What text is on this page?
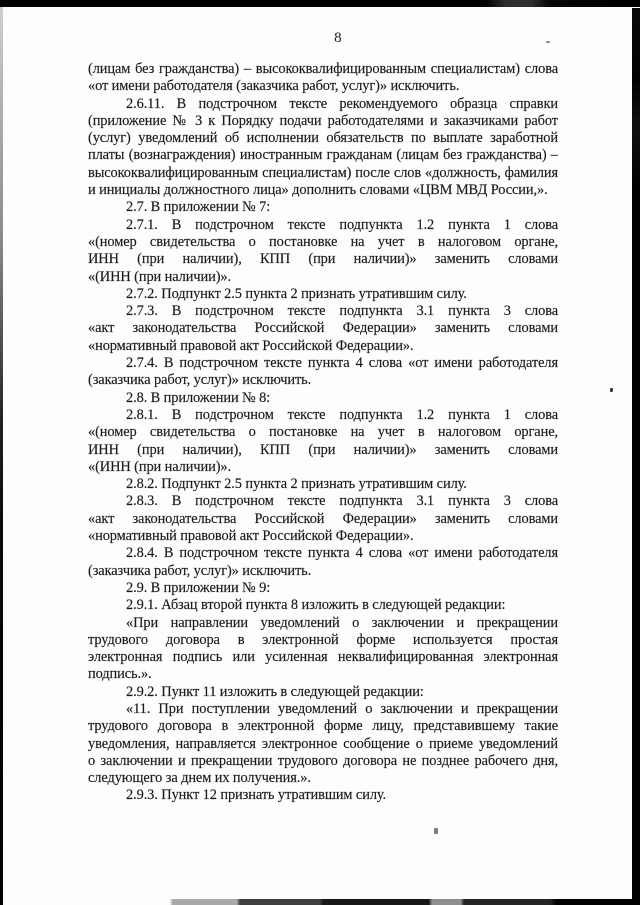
8
(лицам без гражданства) – высококвалифицированным специалистам) слова
«от имени работодателя (заказчика работ, услуг)» исключить.
2.6.11. В подстрочном тексте рекомендуемого образца справки
(приложение № 3 к Порядку подачи работодателями и заказчиками работ
(услуг) уведомлений об исполнении обязательств по выплате заработной
платы (вознаграждения) иностранным гражданам (лицам без гражданства) –
высококвалифицированным специалистам) после слов «должность, фамилия
и инициалы должностного лица» дополнить словами «ЦВМ МВД России,».
2.7. В приложении № 7:
2.7.1. В подстрочном тексте подпункта 1.2 пункта 1 слова
«(номер свидетельства о постановке на учет в налоговом органе,
ИНН (при наличии), КПП (при наличии)» заменить словами
«(ИНН (при наличии)».
2.7.2. Подпункт 2.5 пункта 2 признать утратившим силу.
2.7.3. В подстрочном тексте подпункта 3.1 пункта 3 слова
«акт законодательства Российской Федерации» заменить словами
«нормативный правовой акт Российской Федерации».
2.7.4. В подстрочном тексте пункта 4 слова «от имени работодателя
(заказчика работ, услуг)» исключить.
2.8. В приложении № 8:
2.8.1. В подстрочном тексте подпункта 1.2 пункта 1 слова
«(номер свидетельства о постановке на учет в налоговом органе,
ИНН (при наличии), КПП (при наличии)» заменить словами
«(ИНН (при наличии)».
2.8.2. Подпункт 2.5 пункта 2 признать утратившим силу.
2.8.3. В подстрочном тексте подпункта 3.1 пункта 3 слова
«акт законодательства Российской Федерации» заменить словами
«нормативный правовой акт Российской Федерации».
2.8.4. В подстрочном тексте пункта 4 слова «от имени работодателя
(заказчика работ, услуг)» исключить.
2.9. В приложении № 9:
2.9.1. Абзац второй пункта 8 изложить в следующей редакции:
«При направлении уведомлений о заключении и прекращении
трудового договора в электронной форме используется простая
электронная подпись или усиленная неквалифицированная электронная
подпись.».
2.9.2. Пункт 11 изложить в следующей редакции:
«11. При поступлении уведомлений о заключении и прекращении
трудового договора в электронной форме лицу, представившему такие
уведомления, направляется электронное сообщение о приеме уведомлений
о заключении и прекращении трудового договора не позднее рабочего дня,
следующего за днем их получения.».
2.9.3. Пункт 12 признать утратившим силу.
